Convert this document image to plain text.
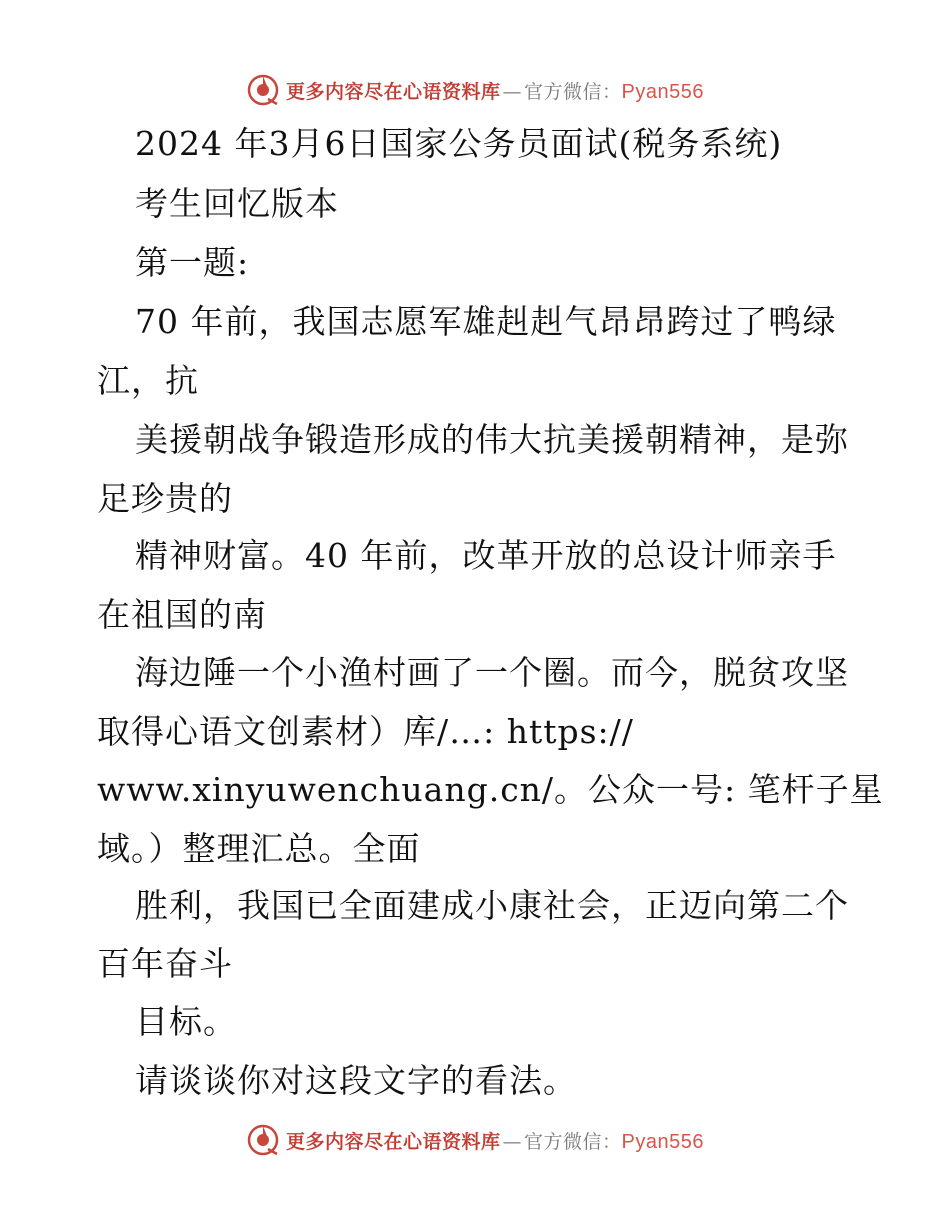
更多内容尽在心语资料库 — 官方微信： Pyan556
2024 年3月6日国家公务员面试(税务系统)
考生回忆版本
第一题:
70 年前，我国志愿军雄赳赳气昂昂跨过了鸭绿
江，抗
美援朝战争锻造形成的伟大抗美援朝精神，是弥
足珍贵的
精神财富。40 年前，改革开放的总设计师亲手
在祖国的南
海边陲一个小渔村画了一个圈。而今，脱贫攻坚
取得心语文创素材）库/…: https://
www.xinyuwenchuang.cn/。公众一号: 笔杆子星
域。）整理汇总。全面
胜利，我国已全面建成小康社会，正迈向第二个
百年奋斗
目标。
请谈谈你对这段文字的看法。
更多内容尽在心语资料库 — 官方微信： Pyan556
